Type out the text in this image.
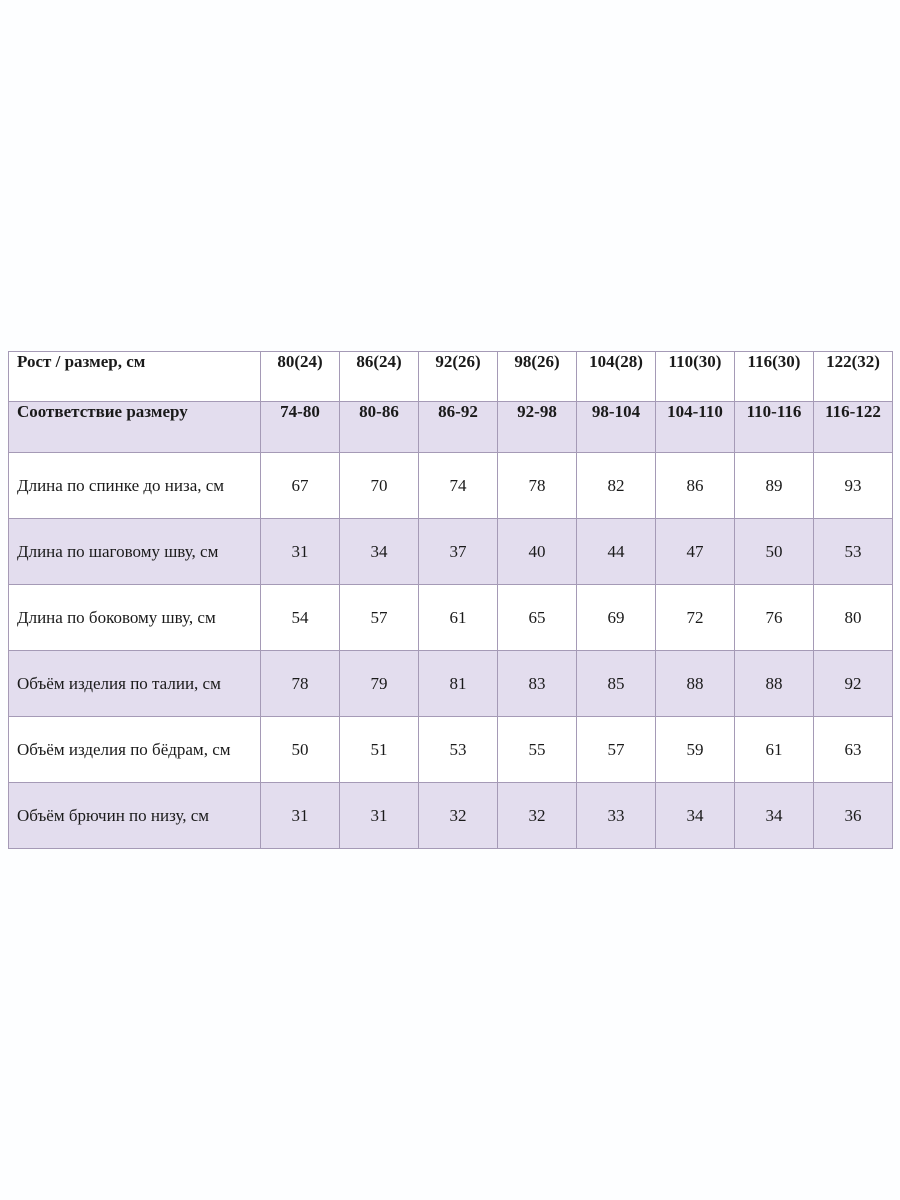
Рост / размер, см	80(24)	86(24)	92(26)	98(26)	104(28)	110(30)	116(30)	122(32)
Соответствие размеру	74-80	80-86	86-92	92-98	98-104	104-110	110-116	116-122
Длина по спинке до низа, см	67	70	74	78	82	86	89	93
Длина по шаговому шву, см	31	34	37	40	44	47	50	53
Длина по боковому шву, см	54	57	61	65	69	72	76	80
Объём изделия по талии, см	78	79	81	83	85	88	88	92
Объём изделия по бёдрам, см	50	51	53	55	57	59	61	63
Объём брючин по низу, см	31	31	32	32	33	34	34	36
